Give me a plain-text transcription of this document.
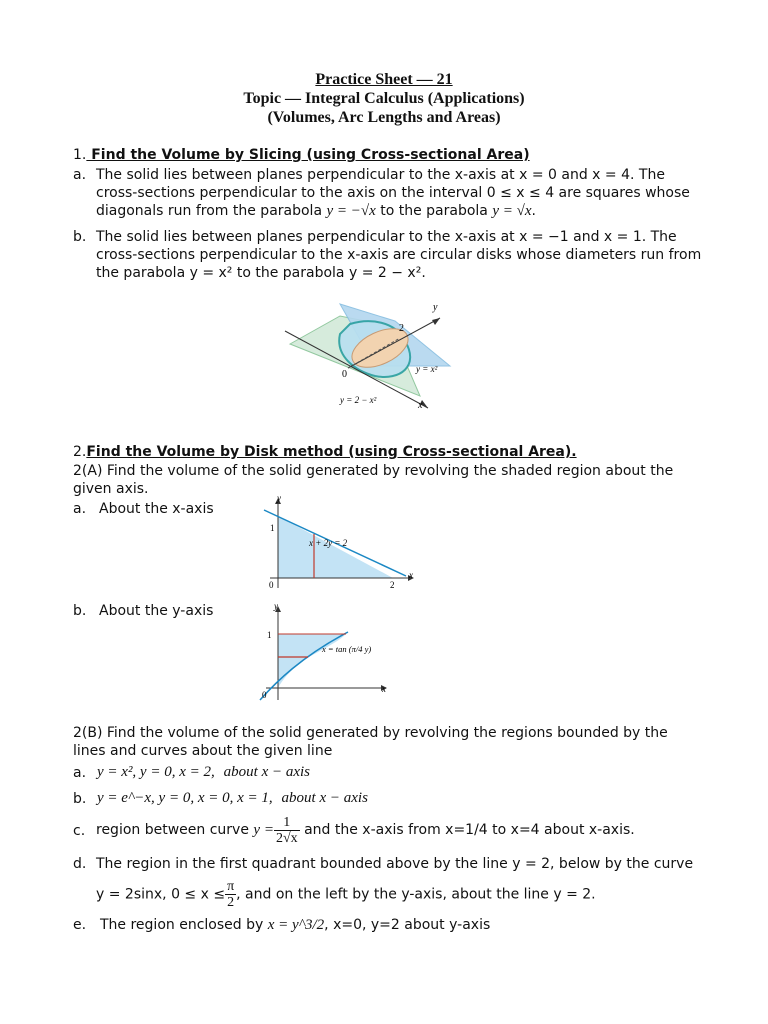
Practice Sheet — 21
Topic — Integral Calculus (Applications)
(Volumes, Arc Lengths and Areas)
1. Find the Volume by Slicing (using Cross-sectional Area)
a. The solid lies between planes perpendicular to the x-axis at x = 0 and x = 4. The
cross-sections perpendicular to the axis on the interval 0 ≤ x ≤ 4 are squares whose
diagonals run from the parabola y = −√x to the parabola y = √x.
b. The solid lies between planes perpendicular to the x-axis at x = −1 and x = 1. The
cross-sections perpendicular to the x-axis are circular disks whose diameters run from
the parabola y = x² to the parabola y = 2 − x².
y
x
0
2
y = x²
y = 2 − x²
2.Find the Volume by Disk method (using Cross-sectional Area).
2(A) Find the volume of the solid generated by revolving the shaded region about the
given axis.
a. About the x-axis
y
x
1
2
0
x + 2y = 2
b. About the y-axis	y
x
1
0
x = tan (π/4 y)
2(B) Find the volume of the solid generated by revolving the regions bounded by the
lines and curves about the given line
a. y = x², y = 0, x = 2, about x − axis
b. y = e^−x, y = 0, x = 0, x = 1, about x − axis
c. region between curve $y = \frac{1}{2√x}$ and the x-axis from x=1/4 to x=4 about x-axis.
d. The region in the first quadrant bounded above by the line y = 2, below by the curve
y = 2sinx, $0 \le x \le \frac{\pi}{2}$ , and on the left by the y-axis, about the line y = 2.
e. The region enclosed by x = y^3/2, x=0, y=2 about y-axis
